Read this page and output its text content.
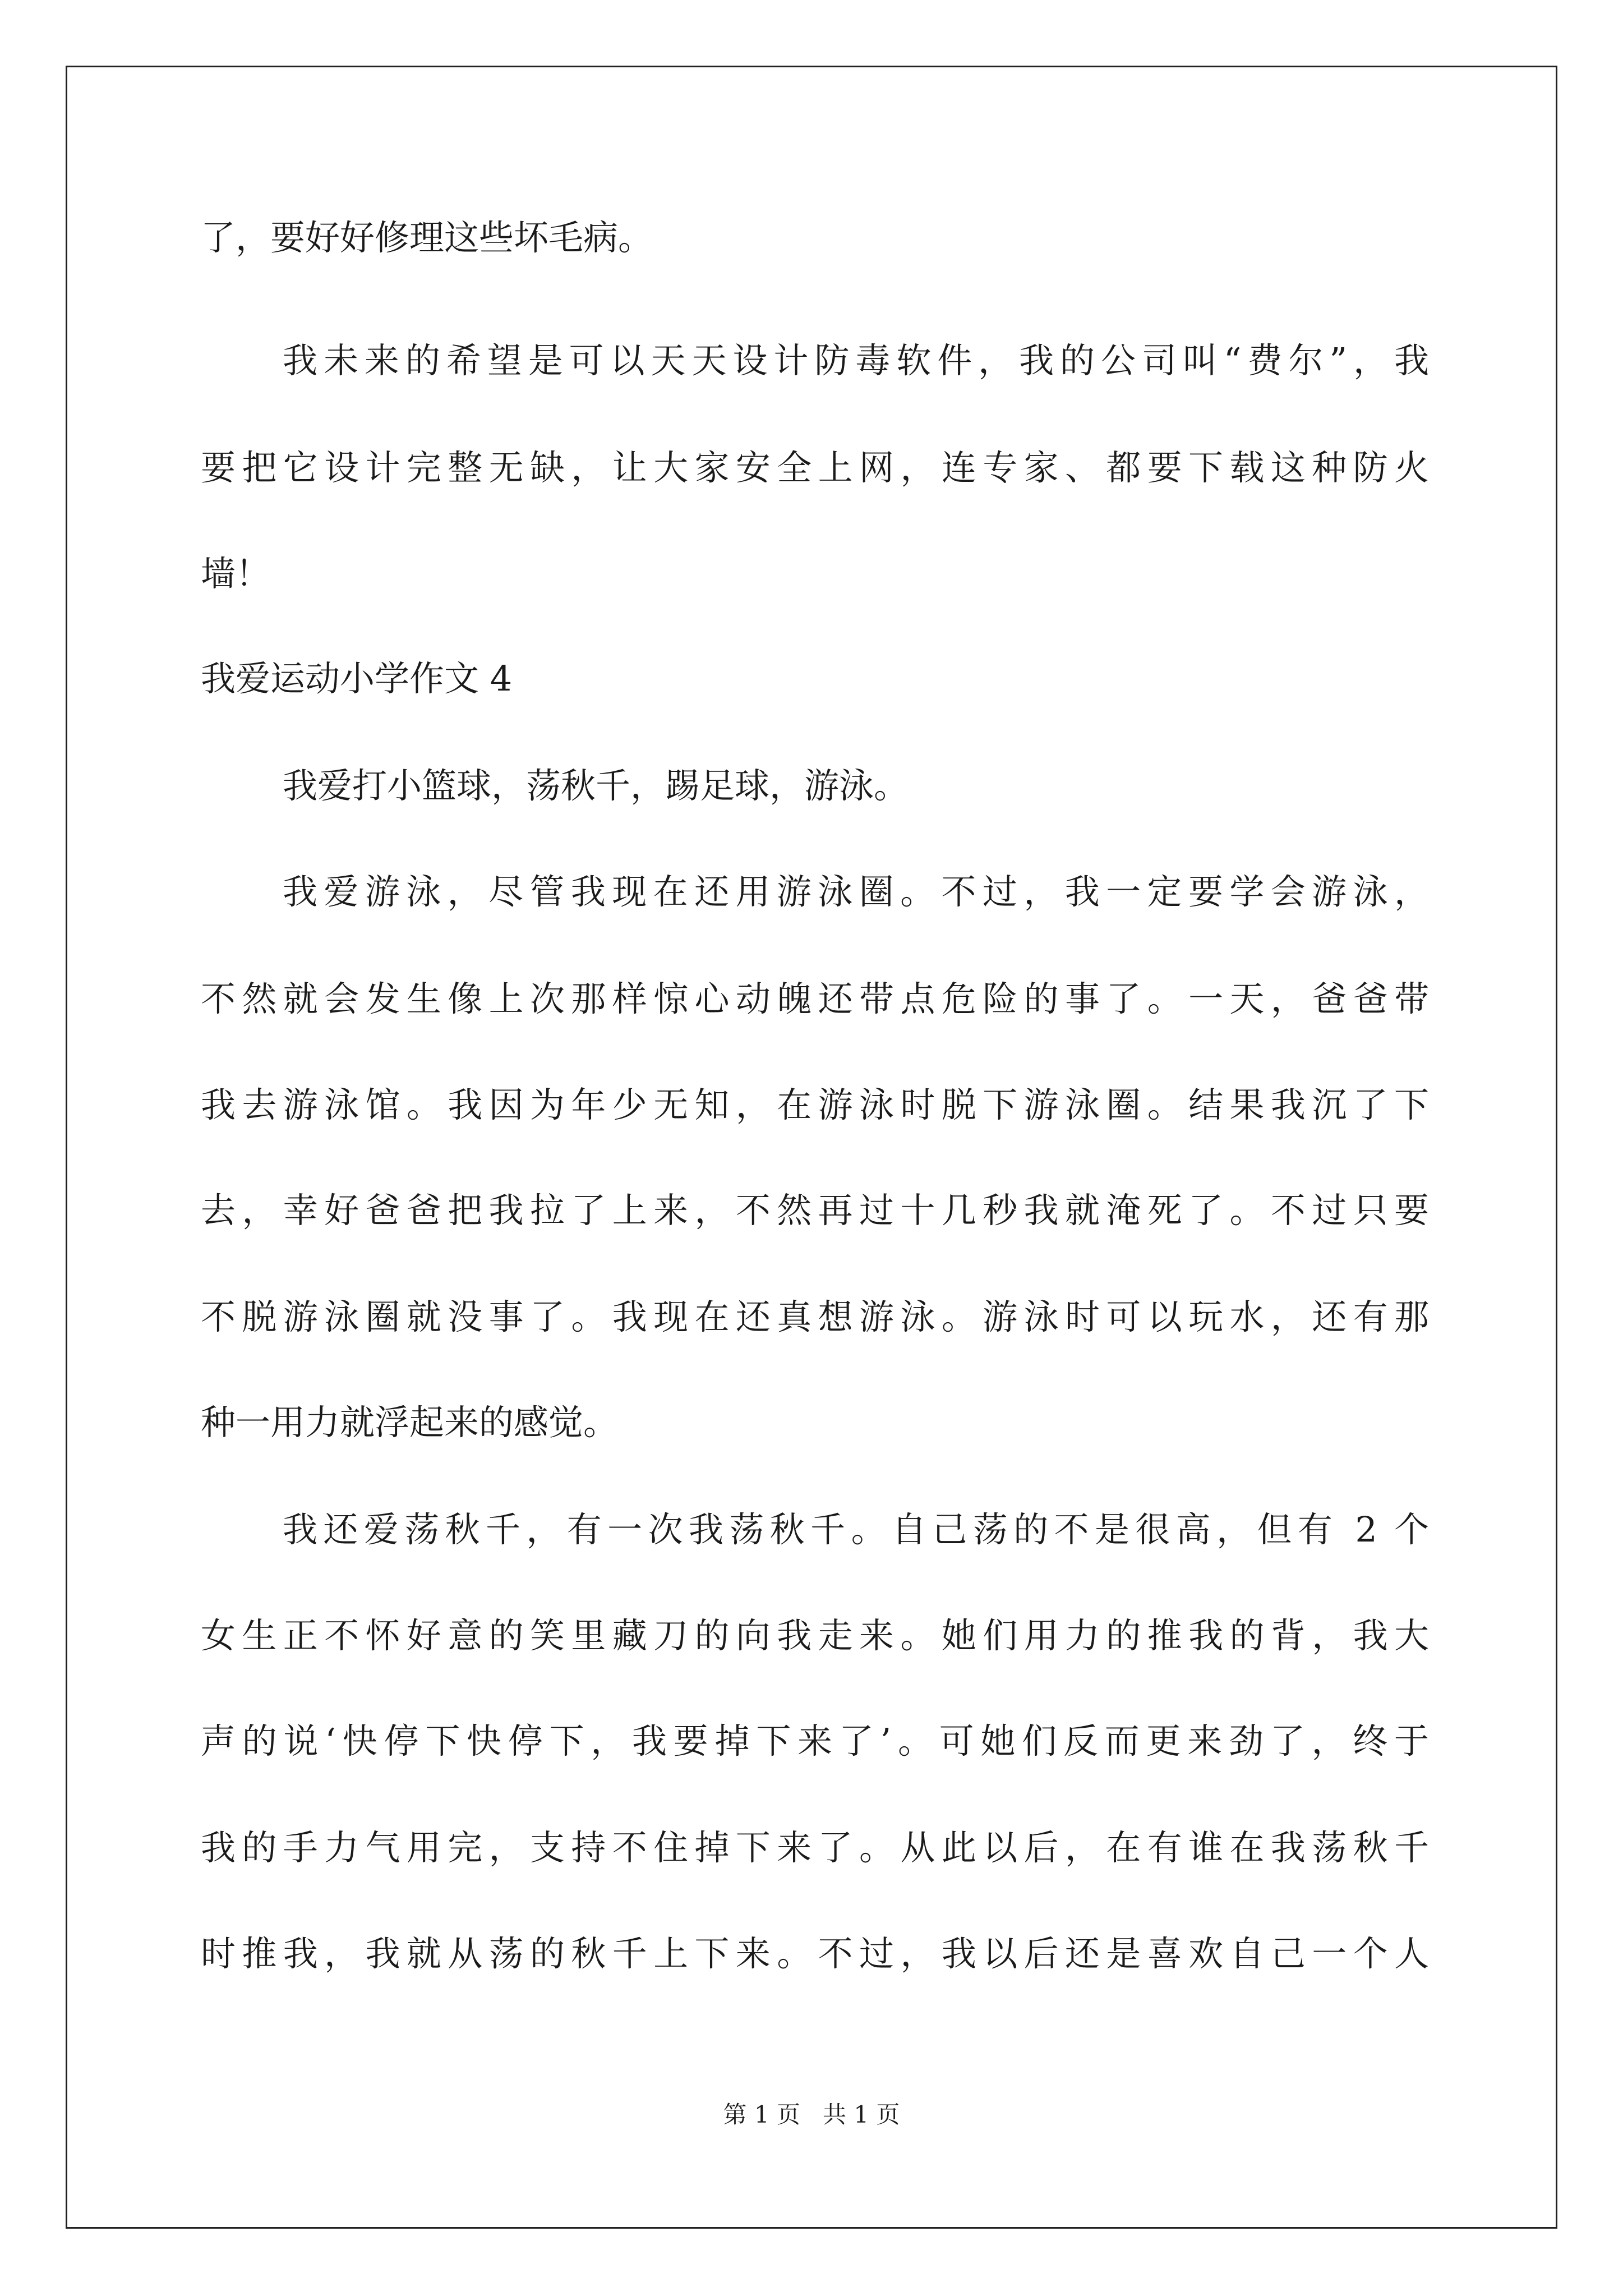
了，要好好修理这些坏毛病。
我未来的希望是可以天天设计防毒软件，我的公司叫“费尔”，我
要把它设计完整无缺，让大家安全上网，连专家、都要下载这种防火
墙！
我爱运动小学作文 4
我爱打小篮球，荡秋千，踢足球，游泳。
我爱游泳，尽管我现在还用游泳圈。不过，我一定要学会游泳，
不然就会发生像上次那样惊心动魄还带点危险的事了。一天，爸爸带
我去游泳馆。我因为年少无知，在游泳时脱下游泳圈。结果我沉了下
去，幸好爸爸把我拉了上来，不然再过十几秒我就淹死了。不过只要
不脱游泳圈就没事了。我现在还真想游泳。游泳时可以玩水，还有那
种一用力就浮起来的感觉。
我还爱荡秋千，有一次我荡秋千。自己荡的不是很高，但有 2 个
女生正不怀好意的笑里藏刀的向我走来。她们用力的推我的背，我大
声的说‘快停下快停下，我要掉下来了’。可她们反而更来劲了，终于
我的手力气用完，支持不住掉下来了。从此以后，在有谁在我荡秋千
时推我，我就从荡的秋千上下来。不过，我以后还是喜欢自己一个人
第 1 页 共 1 页
